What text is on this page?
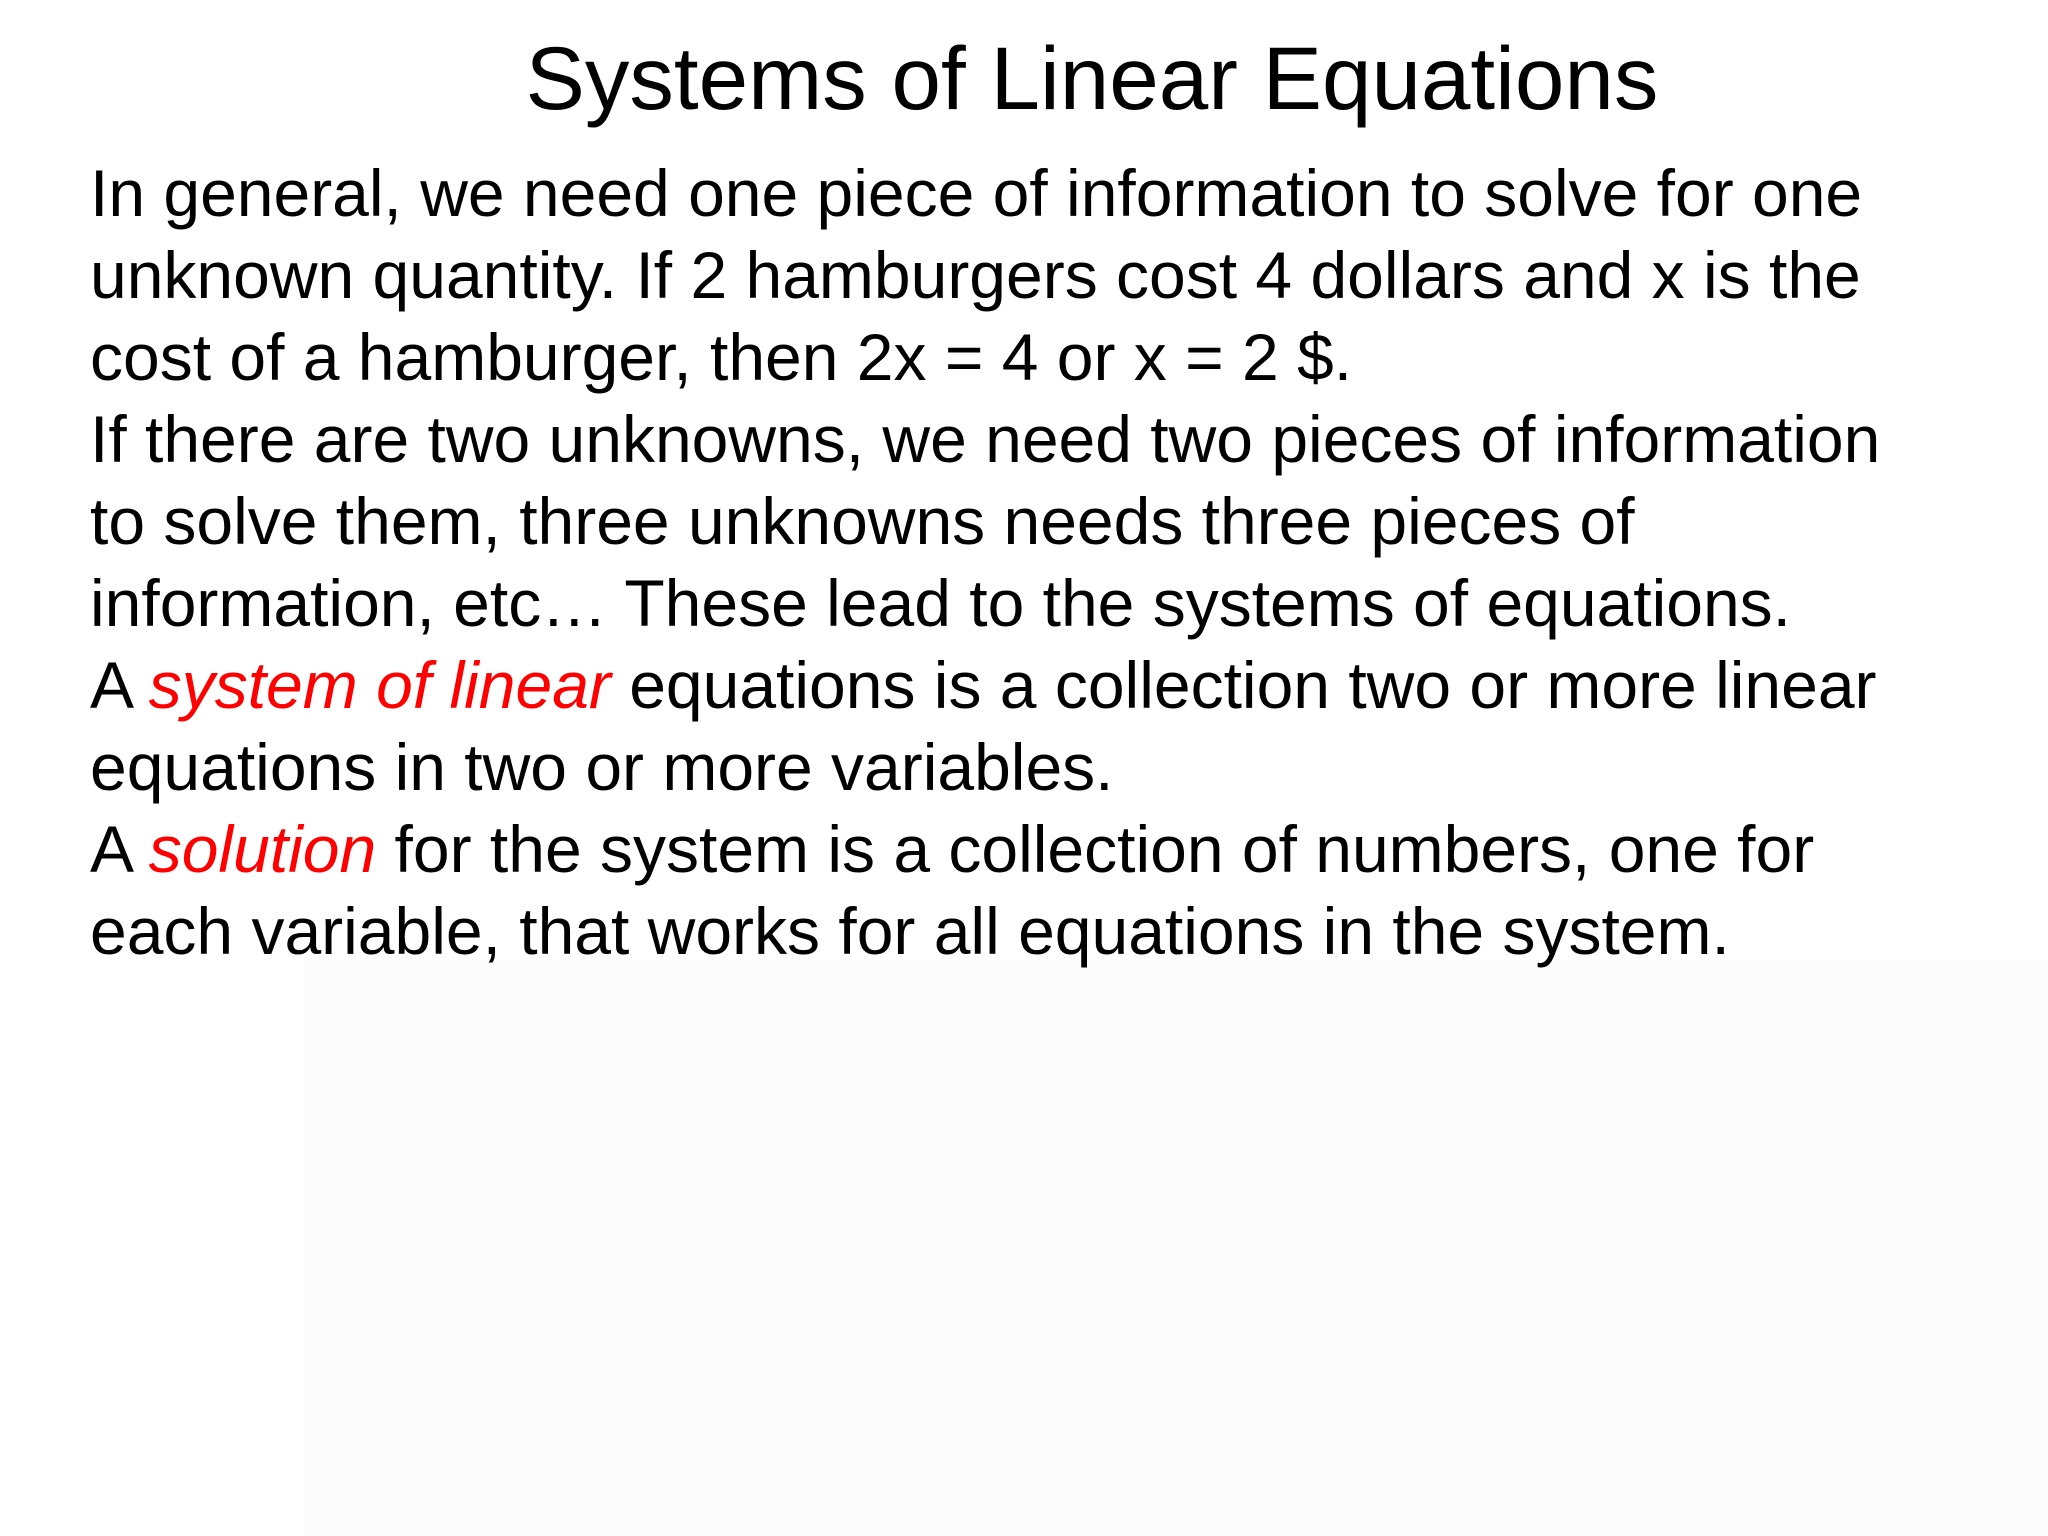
Systems of Linear Equations
In general, we need one piece of information to solve for one
unknown quantity. If 2 hamburgers cost 4 dollars and x is the
cost of a hamburger, then 2x = 4 or x = 2 $.
If there are two unknowns, we need two pieces of information
to solve them, three unknowns needs three pieces of
information, etc… These lead to the systems of equations.
A system of linear equations is a collection two or more linear
equations in two or more variables.
A solution for the system is a collection of numbers, one for
each variable, that works for all equations in the system.
